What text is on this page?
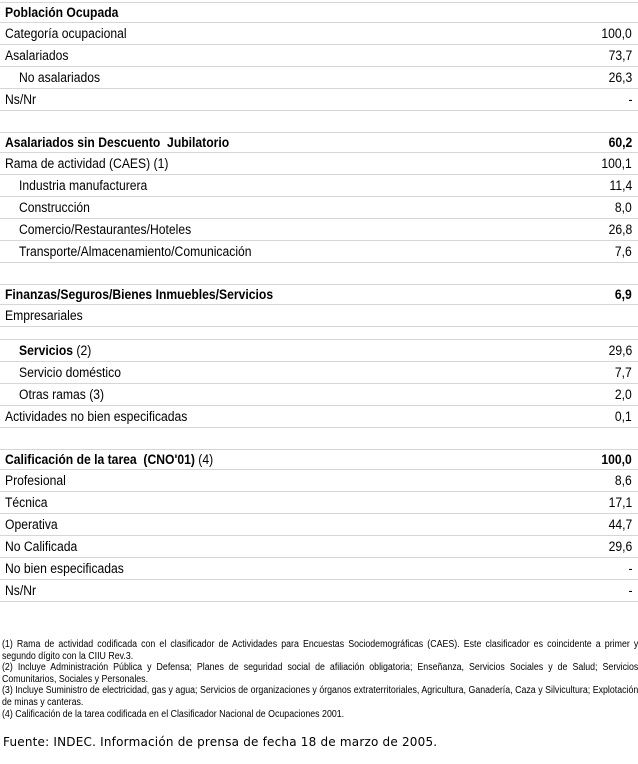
Población Ocupada
Categoría ocupacional	100,0
Asalariados	73,7
No asalariados	26,3
Ns/Nr	-
Asalariados sin Descuento  Jubilatorio	60,2
Rama de actividad (CAES) (1)	100,1
Industria manufacturera	11,4
Construcción	8,0
Comercio/Restaurantes/Hoteles	26,8
Transporte/Almacenamiento/Comunicación	7,6
Finanzas/Seguros/Bienes Inmuebles/Servicios	6,9
Empresariales
Servicios (2)	29,6
Servicio doméstico	7,7
Otras ramas (3)	2,0
Actividades no bien especificadas	0,1
Calificación de la tarea  (CNO'01) (4)	100,0
Profesional	8,6
Técnica	17,1
Operativa	44,7
No Calificada	29,6
No bien especificadas	-
Ns/Nr	-

(1) Rama de actividad codificada con el clasificador de Actividades para Encuestas Sociodemográficas (CAES). Este clasificador es coincidente a primer y segundo dígito con la CIIU Rev.3.

(2) Incluye Administración Pública y Defensa; Planes de seguridad social de afiliación obligatoria; Enseñanza, Servicios Sociales y de Salud; Servicios Comunitarios, Sociales y Personales.

(3) Incluye Suministro de electricidad, gas y agua; Servicios de organizaciones y órganos extraterritoriales, Agricultura, Ganadería, Caza y Silvicultura; Explotación de minas y canteras.

(4) Calificación de la tarea codificada en el Clasificador Nacional de Ocupaciones 2001.

Fuente: INDEC. Información de prensa de fecha 18 de marzo de 2005.
